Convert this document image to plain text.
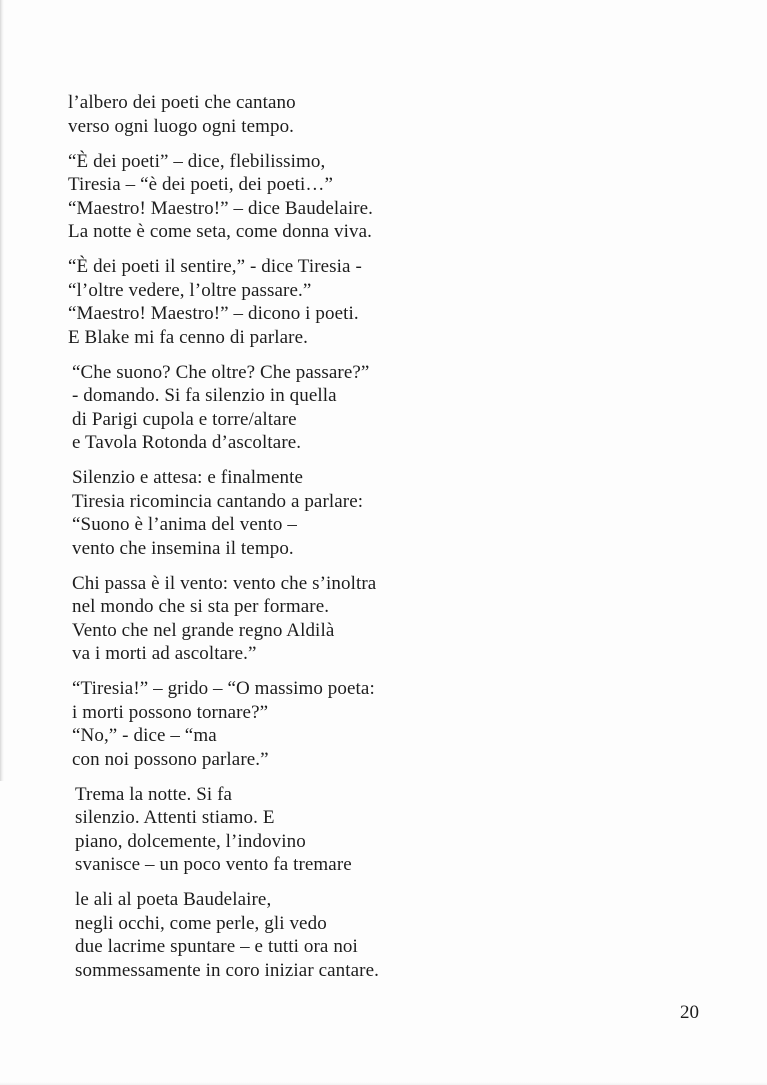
l’albero dei poeti che cantano
verso ogni luogo ogni tempo.
“È dei poeti” – dice, flebilissimo,
Tiresia – “è dei poeti, dei poeti…”
“Maestro! Maestro!” – dice Baudelaire.
La notte è come seta, come donna viva.
“È dei poeti il sentire,” - dice Tiresia -
“l’oltre vedere, l’oltre passare.”
“Maestro! Maestro!” – dicono i poeti.
E Blake mi fa cenno di parlare.
“Che suono? Che oltre? Che passare?”
- domando. Si fa silenzio in quella
di Parigi cupola e torre/altare
e Tavola Rotonda d’ascoltare.
Silenzio e attesa: e finalmente
Tiresia ricomincia cantando a parlare:
“Suono è l’anima del vento –
vento che insemina il tempo.
Chi passa è il vento: vento che s’inoltra
nel mondo che si sta per formare.
Vento che nel grande regno Aldilà
va i morti ad ascoltare.”
“Tiresia!” – grido – “O massimo poeta:
i morti possono tornare?”
“No,” - dice – “ma
con noi possono parlare.”
Trema la notte. Si fa
silenzio. Attenti stiamo. E
piano, dolcemente, l’indovino
svanisce – un poco vento fa tremare
le ali al poeta Baudelaire,
negli occhi, come perle, gli vedo
due lacrime spuntare – e tutti ora noi
sommessamente in coro iniziar cantare.
20
